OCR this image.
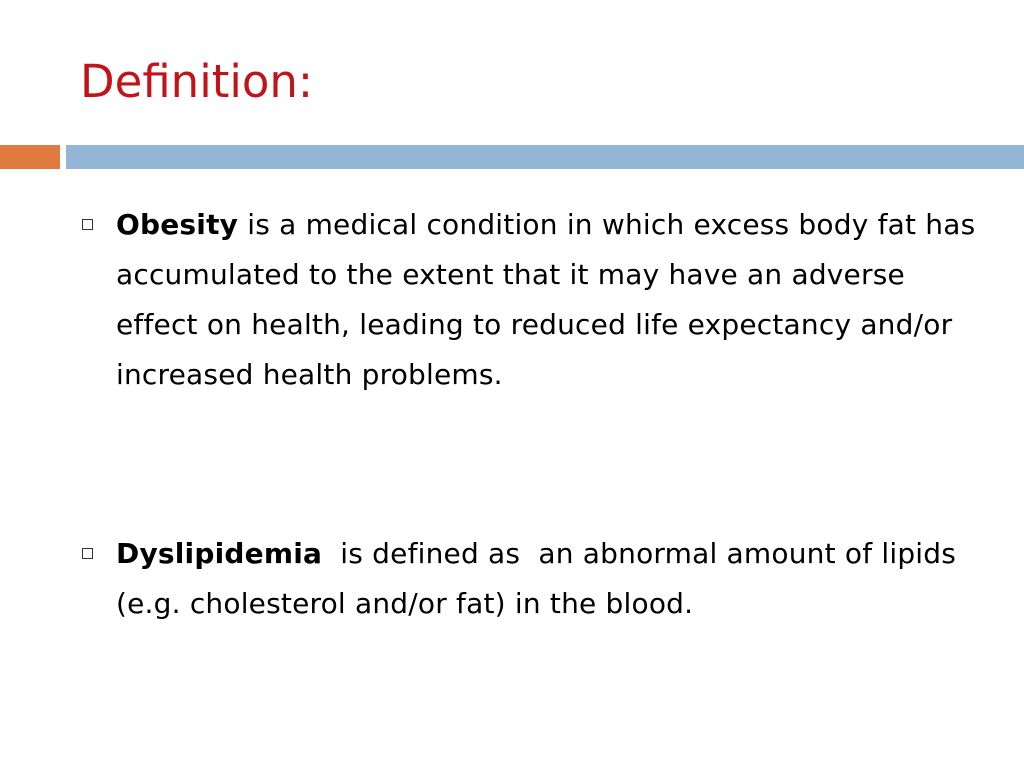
Definition:
Obesity is a medical condition in which excess body fat has accumulated to the extent that it may have an adverse effect on health, leading to reduced life expectancy and/or increased health problems.
Dyslipidemia  is defined as  an abnormal amount of lipids (e.g. cholesterol and/or fat) in the blood.
